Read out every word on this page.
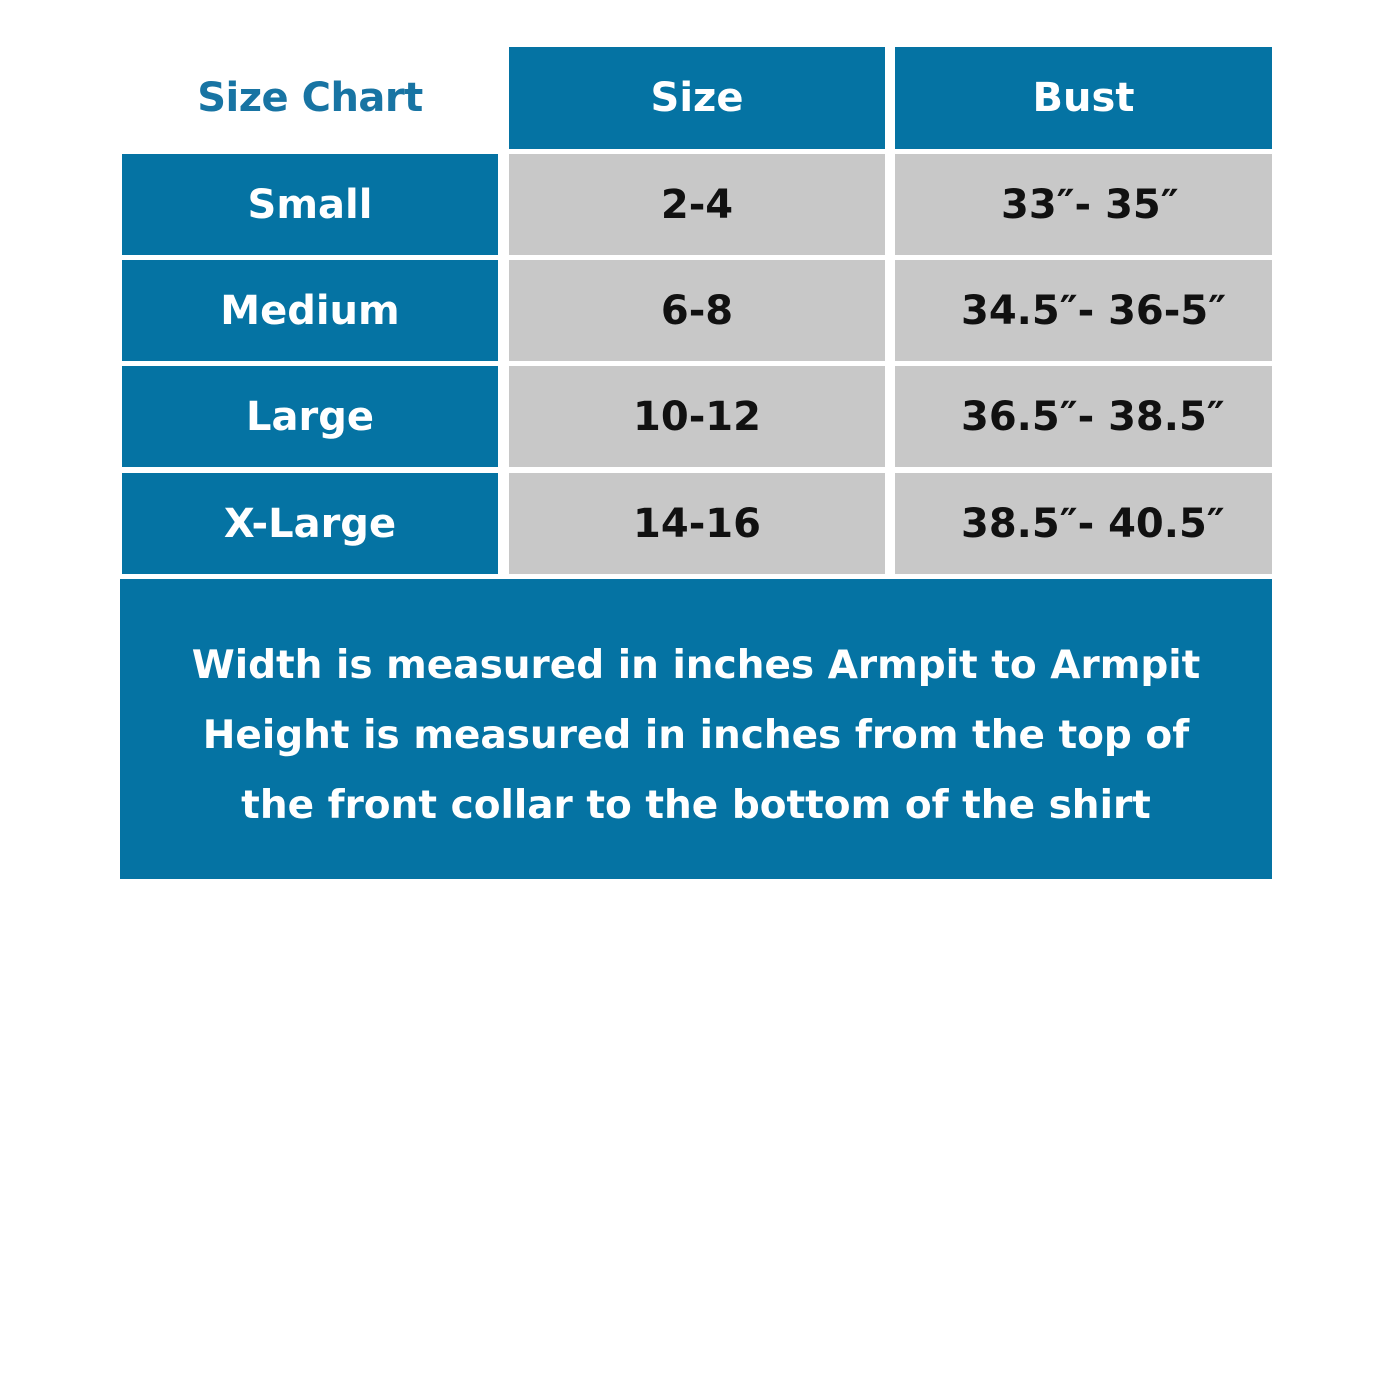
Size Chart	Size	Bust
Small	2-4	33″- 35″
Medium	6-8	34.5″- 36-5″
Large	10-12	36.5″- 38.5″
X-Large	14-16	38.5″- 40.5″
Width is measured in inches Armpit to Armpit
Height is measured in inches from the top of
the front collar to the bottom of the shirt
